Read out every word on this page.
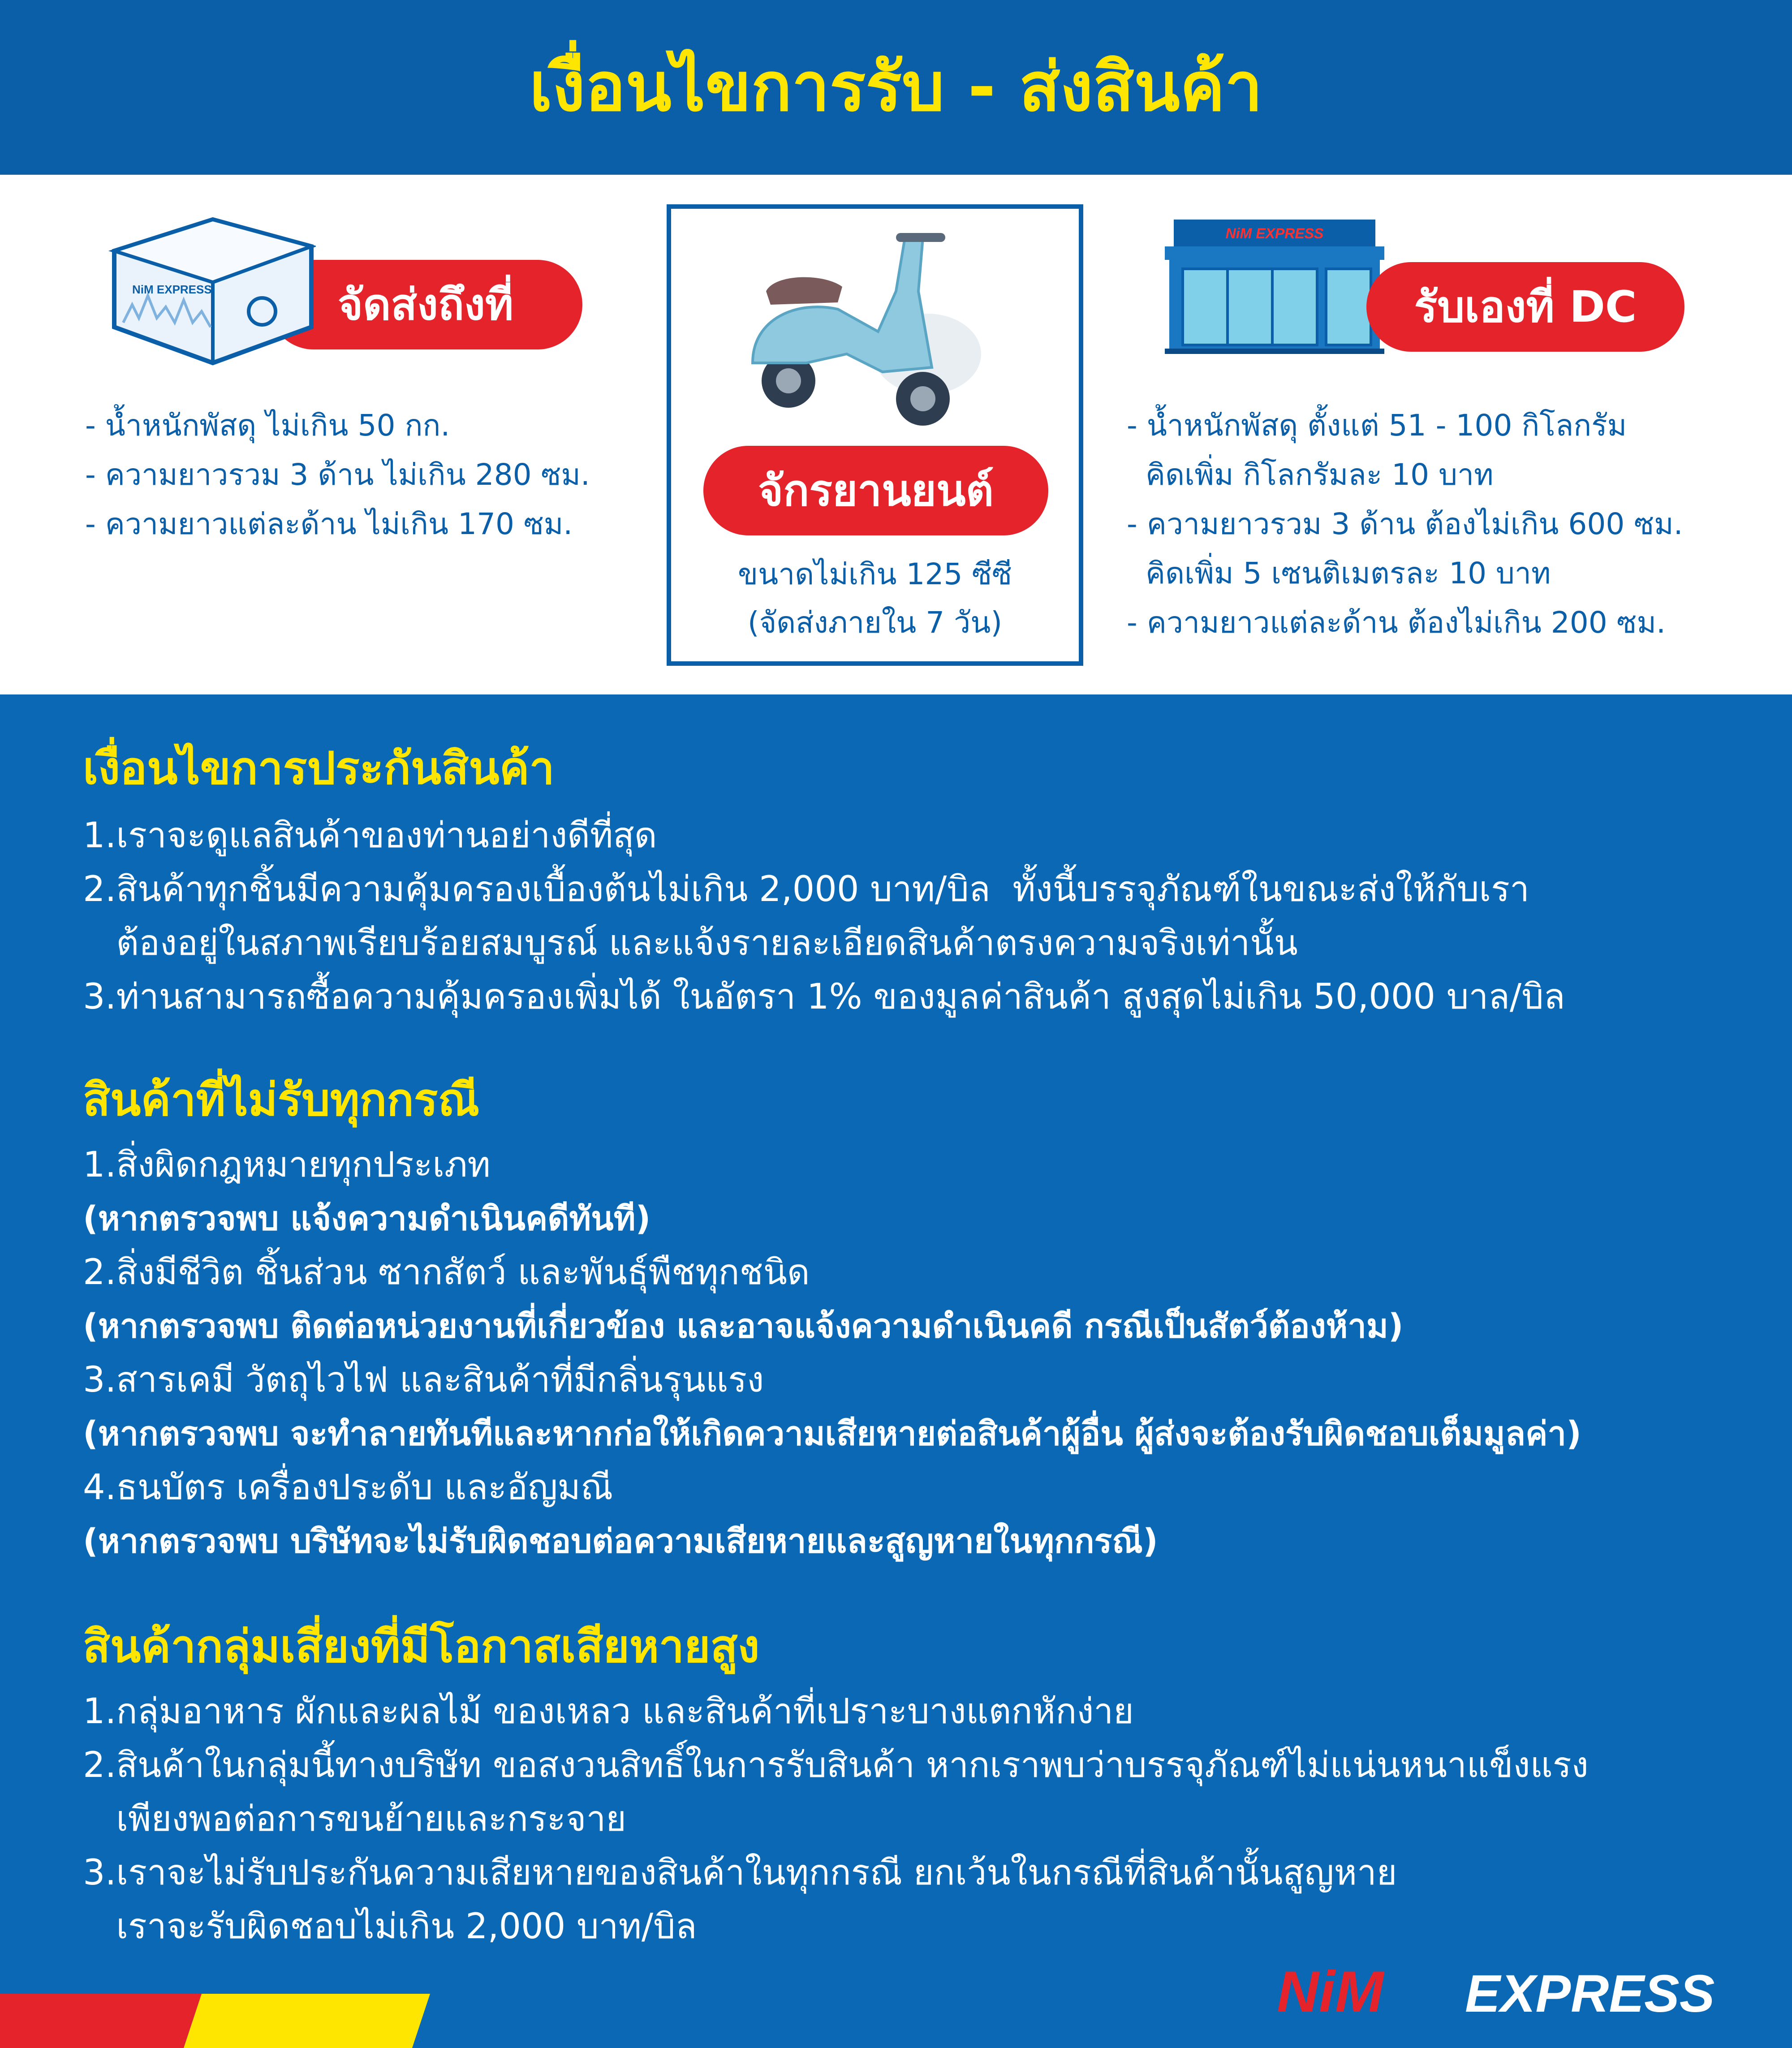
เงื่อนไขการรับ - ส่งสินค้า
จัดส่งถึงที่
NiM EXPRESS
- น้ำหนักพัสดุ ไม่เกิน 50 กก.
- ความยาวรวม 3 ด้าน ไม่เกิน 280 ซม.
- ความยาวแต่ละด้าน ไม่เกิน 170 ซม.
จักรยานยนต์
ขนาดไม่เกิน 125 ซีซี
(จัดส่งภายใน 7 วัน)
NiM EXPRESS
รับเองที่ DC
- น้ำหนักพัสดุ ตั้งแต่ 51 - 100 กิโลกรัม
คิดเพิ่ม กิโลกรัมละ 10 บาท
- ความยาวรวม 3 ด้าน ต้องไม่เกิน 600 ซม.
คิดเพิ่ม 5 เซนติเมตรละ 10 บาท
- ความยาวแต่ละด้าน ต้องไม่เกิน 200 ซม.
เงื่อนไขการประกันสินค้า
1.เราจะดูแลสินค้าของท่านอย่างดีที่สุด
2.สินค้าทุกชิ้นมีความคุ้มครองเบื้องต้นไม่เกิน 2,000 บาท/บิล  ทั้งนี้บรรจุภัณฑ์ในขณะส่งให้กับเรา
ต้องอยู่ในสภาพเรียบร้อยสมบูรณ์ และแจ้งรายละเอียดสินค้าตรงความจริงเท่านั้น
3.ท่านสามารถซื้อความคุ้มครองเพิ่มได้ ในอัตรา 1% ของมูลค่าสินค้า สูงสุดไม่เกิน 50,000 บาล/บิล
สินค้าที่ไม่รับทุกกรณี
1.สิ่งผิดกฎหมายทุกประเภท
(หากตรวจพบ แจ้งความดำเนินคดีทันที)
2.สิ่งมีชีวิต ชิ้นส่วน ซากสัตว์ และพันธุ์พืชทุกชนิด
(หากตรวจพบ ติดต่อหน่วยงานที่เกี่ยวข้อง และอาจแจ้งความดำเนินคดี กรณีเป็นสัตว์ต้องห้าม)
3.สารเคมี วัตถุไวไฟ และสินค้าที่มีกลิ่นรุนแรง
(หากตรวจพบ จะทำลายทันทีและหากก่อให้เกิดความเสียหายต่อสินค้าผู้อื่น ผู้ส่งจะต้องรับผิดชอบเต็มมูลค่า)
4.ธนบัตร เครื่องประดับ และอัญมณี
(หากตรวจพบ บริษัทจะไม่รับผิดชอบต่อความเสียหายและสูญหายในทุกกรณี)
สินค้ากลุ่มเสี่ยงที่มีโอกาสเสียหายสูง
1.กลุ่มอาหาร ผักและผลไม้ ของเหลว และสินค้าที่เปราะบางแตกหักง่าย
2.สินค้าในกลุ่มนี้ทางบริษัท ขอสงวนสิทธิ์ในการรับสินค้า หากเราพบว่าบรรจุภัณฑ์ไม่แน่นหนาแข็งแรง
เพียงพอต่อการขนย้ายและกระจาย
3.เราจะไม่รับประกันความเสียหายของสินค้าในทุกกรณี ยกเว้นในกรณีที่สินค้านั้นสูญหาย
เราจะรับผิดชอบไม่เกิน 2,000 บาท/บิล
NiM EXPRESS
